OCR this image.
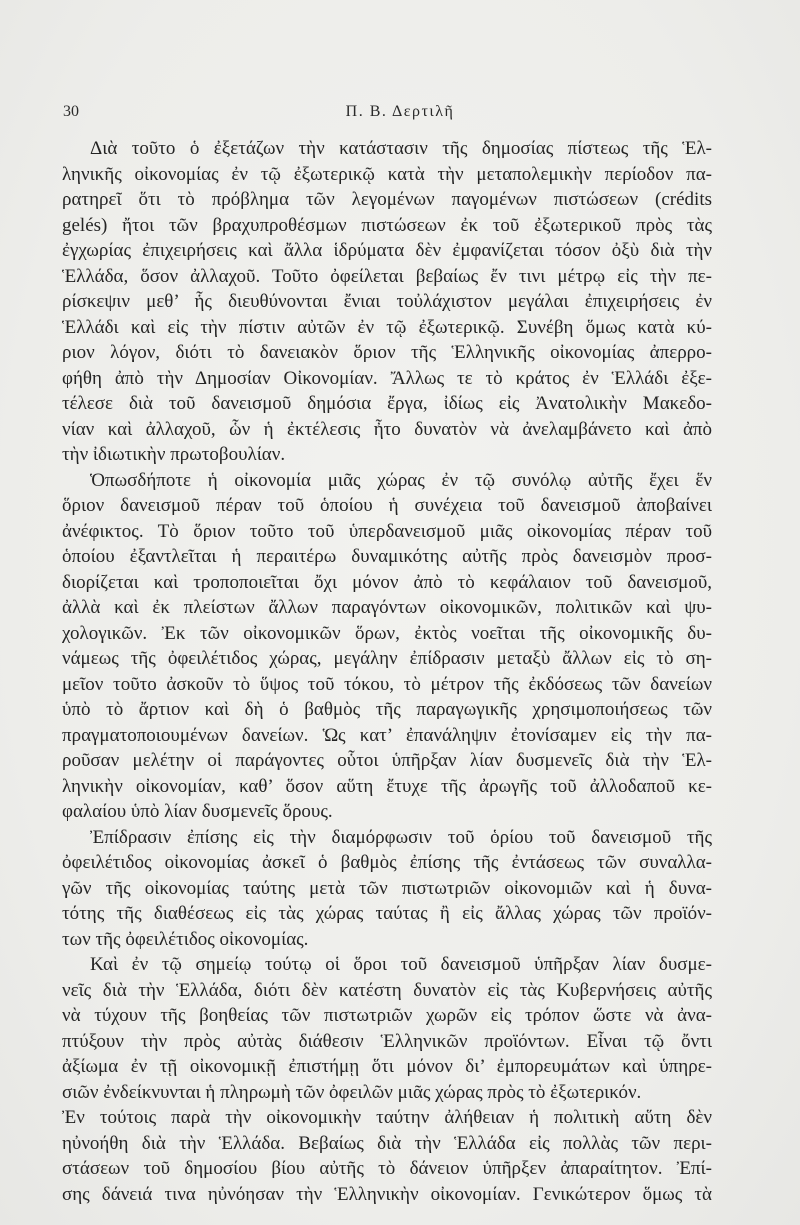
30	Π. Β. Δερτιλῆ
Διὰ τοῦτο ὁ ἐξετάζων τὴν κατάστασιν τῆς δημοσίας πίστεως τῆς Ἑλ-
ληνικῆς οἰκονομίας ἐν τῷ ἐξωτερικῷ κατὰ τὴν μεταπολεμικὴν περίοδον πα-
ρατηρεῖ ὅτι τὸ πρόβλημα τῶν λεγομένων παγομένων πιστώσεων (crédits
gelés) ἤτοι τῶν βραχυπροθέσμων πιστώσεων ἐκ τοῦ ἐξωτερικοῦ πρὸς τὰς
ἐγχωρίας ἐπιχειρήσεις καὶ ἄλλα ἱδρύματα δὲν ἐμφανίζεται τόσον ὀξὺ διὰ τὴν
Ἑλλάδα, ὅσον ἀλλαχοῦ. Τοῦτο ὀφείλεται βεβαίως ἔν τινι μέτρῳ εἰς τὴν πε-
ρίσκεψιν μεθ’ ἧς διευθύνονται ἔνιαι τοὐλάχιστον μεγάλαι ἐπιχειρήσεις ἐν
Ἑλλάδι καὶ εἰς τὴν πίστιν αὐτῶν ἐν τῷ ἐξωτερικῷ. Συνέβη ὅμως κατὰ κύ-
ριον λόγον, διότι τὸ δανειακὸν ὅριον τῆς Ἑλληνικῆς οἰκονομίας ἀπερρο-
φήθη ἀπὸ τὴν Δημοσίαν Οἰκονομίαν. Ἄλλως τε τὸ κράτος ἐν Ἑλλάδι ἐξε-
τέλεσε διὰ τοῦ δανεισμοῦ δημόσια ἔργα, ἰδίως εἰς Ἀνατολικὴν Μακεδο-
νίαν καὶ ἀλλαχοῦ, ὧν ἡ ἐκτέλεσις ἦτο δυνατὸν νὰ ἀνελαμβάνετο καὶ ἀπὸ
τὴν ἰδιωτικὴν πρωτοβουλίαν.
Ὁπωσδήποτε ἡ οἰκονομία μιᾶς χώρας ἐν τῷ συνόλῳ αὐτῆς ἔχει ἕν
ὅριον δανεισμοῦ πέραν τοῦ ὁποίου ἡ συνέχεια τοῦ δανεισμοῦ ἀποβαίνει
ἀνέφικτος. Τὸ ὅριον τοῦτο τοῦ ὑπερδανεισμοῦ μιᾶς οἰκονομίας πέραν τοῦ
ὁποίου ἐξαντλεῖται ἡ περαιτέρω δυναμικότης αὐτῆς πρὸς δανεισμὸν προσ-
διορίζεται καὶ τροποποιεῖται ὄχι μόνον ἀπὸ τὸ κεφάλαιον τοῦ δανεισμοῦ,
ἀλλὰ καὶ ἐκ πλείστων ἄλλων παραγόντων οἰκονομικῶν, πολιτικῶν καὶ ψυ-
χολογικῶν. Ἐκ τῶν οἰκονομικῶν ὅρων, ἐκτὸς νοεῖται τῆς οἰκονομικῆς δυ-
νάμεως τῆς ὀφειλέτιδος χώρας, μεγάλην ἐπίδρασιν μεταξὺ ἄλλων εἰς τὸ ση-
μεῖον τοῦτο ἀσκοῦν τὸ ὕψος τοῦ τόκου, τὸ μέτρον τῆς ἐκδόσεως τῶν δανείων
ὑπὸ τὸ ἄρτιον καὶ δὴ ὁ βαθμὸς τῆς παραγωγικῆς χρησιμοποιήσεως τῶν
πραγματοποιουμένων δανείων. Ὡς κατ’ ἐπανάληψιν ἐτονίσαμεν εἰς τὴν πα-
ροῦσαν μελέτην οἱ παράγοντες οὗτοι ὑπῆρξαν λίαν δυσμενεῖς διὰ τὴν Ἑλ-
ληνικὴν οἰκονομίαν, καθ’ ὅσον αὕτη ἔτυχε τῆς ἀρωγῆς τοῦ ἀλλοδαποῦ κε-
φαλαίου ὑπὸ λίαν δυσμενεῖς ὅρους.
Ἐπίδρασιν ἐπίσης εἰς τὴν διαμόρφωσιν τοῦ ὁρίου τοῦ δανεισμοῦ τῆς
ὀφειλέτιδος οἰκονομίας ἀσκεῖ ὁ βαθμὸς ἐπίσης τῆς ἐντάσεως τῶν συναλλα-
γῶν τῆς οἰκονομίας ταύτης μετὰ τῶν πιστωτριῶν οἰκονομιῶν καὶ ἡ δυνα-
τότης τῆς διαθέσεως εἰς τὰς χώρας ταύτας ἢ εἰς ἄλλας χώρας τῶν προϊόν-
των τῆς ὀφειλέτιδος οἰκονομίας.
Καὶ ἐν τῷ σημείῳ τούτῳ οἱ ὅροι τοῦ δανεισμοῦ ὑπῆρξαν λίαν δυσμε-
νεῖς διὰ τὴν Ἑλλάδα, διότι δὲν κατέστη δυνατὸν εἰς τὰς Κυβερνήσεις αὐτῆς
νὰ τύχουν τῆς βοηθείας τῶν πιστωτριῶν χωρῶν εἰς τρόπον ὥστε νὰ ἀνα-
πτύξουν τὴν πρὸς αὐτὰς διάθεσιν Ἑλληνικῶν προϊόντων. Εἶναι τῷ ὄντι
ἀξίωμα ἐν τῇ οἰκονομικῇ ἐπιστήμῃ ὅτι μόνον δι’ ἐμπορευμάτων καὶ ὑπηρε-
σιῶν ἐνδείκνυνται ἡ πληρωμὴ τῶν ὀφειλῶν μιᾶς χώρας πρὸς τὸ ἐξωτερικόν.
Ἐν τούτοις παρὰ τὴν οἰκονομικὴν ταύτην ἀλήθειαν ἡ πολιτικὴ αὕτη δὲν
ηὐνοήθη διὰ τὴν Ἑλλάδα. Βεβαίως διὰ τὴν Ἑλλάδα εἰς πολλὰς τῶν περι-
στάσεων τοῦ δημοσίου βίου αὐτῆς τὸ δάνειον ὑπῆρξεν ἀπαραίτητον. Ἐπί-
σης δάνειά τινα ηὐνόησαν τὴν Ἑλληνικὴν οἰκονομίαν. Γενικώτερον ὅμως τὰ
